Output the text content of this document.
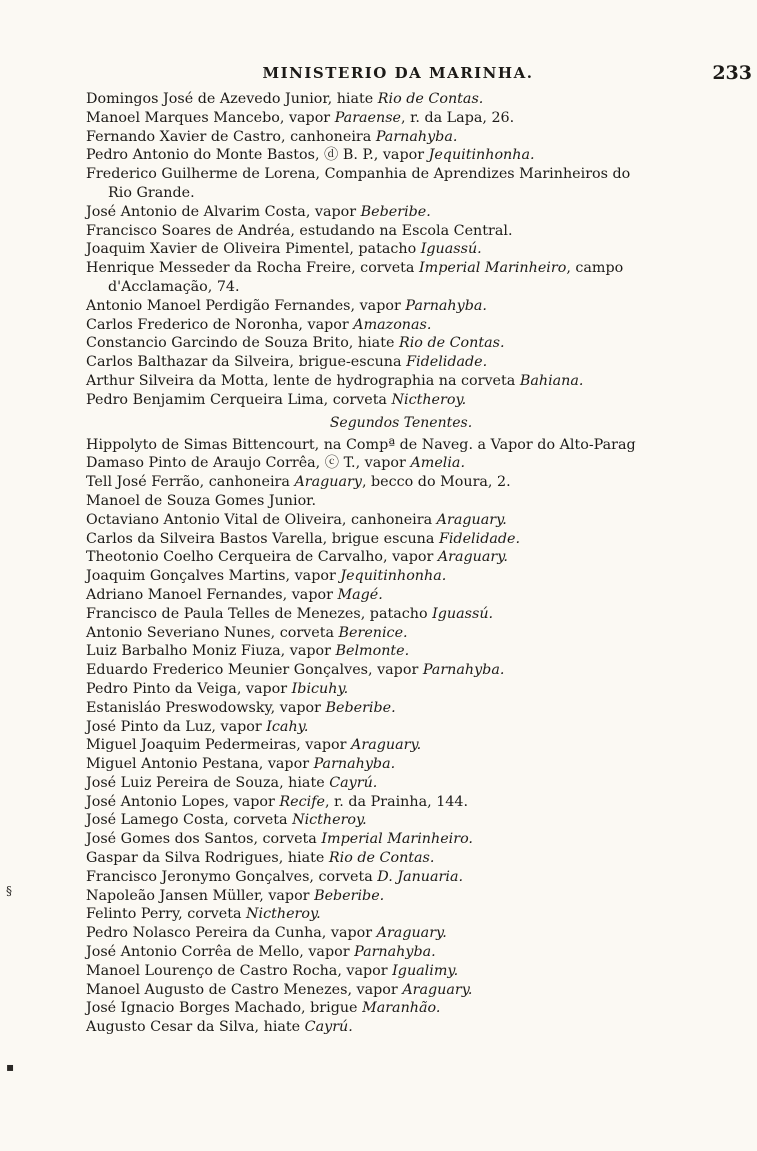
MINISTERIO DA MARINHA.	233
Domingos José de Azevedo Junior, hiate Rio de Contas.
Manoel Marques Mancebo, vapor Paraense, r. da Lapa, 26.
Fernando Xavier de Castro, canhoneira Parnahyba.
Pedro Antonio do Monte Bastos, ⓓ B. P., vapor Jequitinhonha.
Frederico Guilherme de Lorena, Companhia de Aprendizes Marinheiros do
Rio Grande.
José Antonio de Alvarim Costa, vapor Beberibe.
Francisco Soares de Andréa, estudando na Escola Central.
Joaquim Xavier de Oliveira Pimentel, patacho Iguassú.
Henrique Messeder da Rocha Freire, corveta Imperial Marinheiro, campo
d'Acclamação, 74.
Antonio Manoel Perdigão Fernandes, vapor Parnahyba.
Carlos Frederico de Noronha, vapor Amazonas.
Constancio Garcindo de Souza Brito, hiate Rio de Contas.
Carlos Balthazar da Silveira, brigue-escuna Fidelidade.
Arthur Silveira da Motta, lente de hydrographia na corveta Bahiana.
Pedro Benjamim Cerqueira Lima, corveta Nictheroy.
Segundos Tenentes.
Hippolyto de Simas Bittencourt, na Compª de Naveg. a Vapor do Alto-Parag
Damaso Pinto de Araujo Corrêa, ⓒ T., vapor Amelia.
Tell José Ferrão, canhoneira Araguary, becco do Moura, 2.
Manoel de Souza Gomes Junior.
Octaviano Antonio Vital de Oliveira, canhoneira Araguary.
Carlos da Silveira Bastos Varella, brigue escuna Fidelidade.
Theotonio Coelho Cerqueira de Carvalho, vapor Araguary.
Joaquim Gonçalves Martins, vapor Jequitinhonha.
Adriano Manoel Fernandes, vapor Magé.
Francisco de Paula Telles de Menezes, patacho Iguassú.
Antonio Severiano Nunes, corveta Berenice.
Luiz Barbalho Moniz Fiuza, vapor Belmonte.
Eduardo Frederico Meunier Gonçalves, vapor Parnahyba.
Pedro Pinto da Veiga, vapor Ibicuhy.
Estanisláo Preswodowsky, vapor Beberibe.
José Pinto da Luz, vapor Icahy.
Miguel Joaquim Pedermeiras, vapor Araguary.
Miguel Antonio Pestana, vapor Parnahyba.
José Luiz Pereira de Souza, hiate Cayrú.
José Antonio Lopes, vapor Recife, r. da Prainha, 144.
José Lamego Costa, corveta Nictheroy.
José Gomes dos Santos, corveta Imperial Marinheiro.
Gaspar da Silva Rodrigues, hiate Rio de Contas.
Francisco Jeronymo Gonçalves, corveta D. Januaria.
Napoleão Jansen Müller, vapor Beberibe.
Felinto Perry, corveta Nictheroy.
Pedro Nolasco Pereira da Cunha, vapor Araguary.
José Antonio Corrêa de Mello, vapor Parnahyba.
Manoel Lourenço de Castro Rocha, vapor Igualimy.
Manoel Augusto de Castro Menezes, vapor Araguary.
José Ignacio Borges Machado, brigue Maranhão.
Augusto Cesar da Silva, hiate Cayrú.
§
▪
